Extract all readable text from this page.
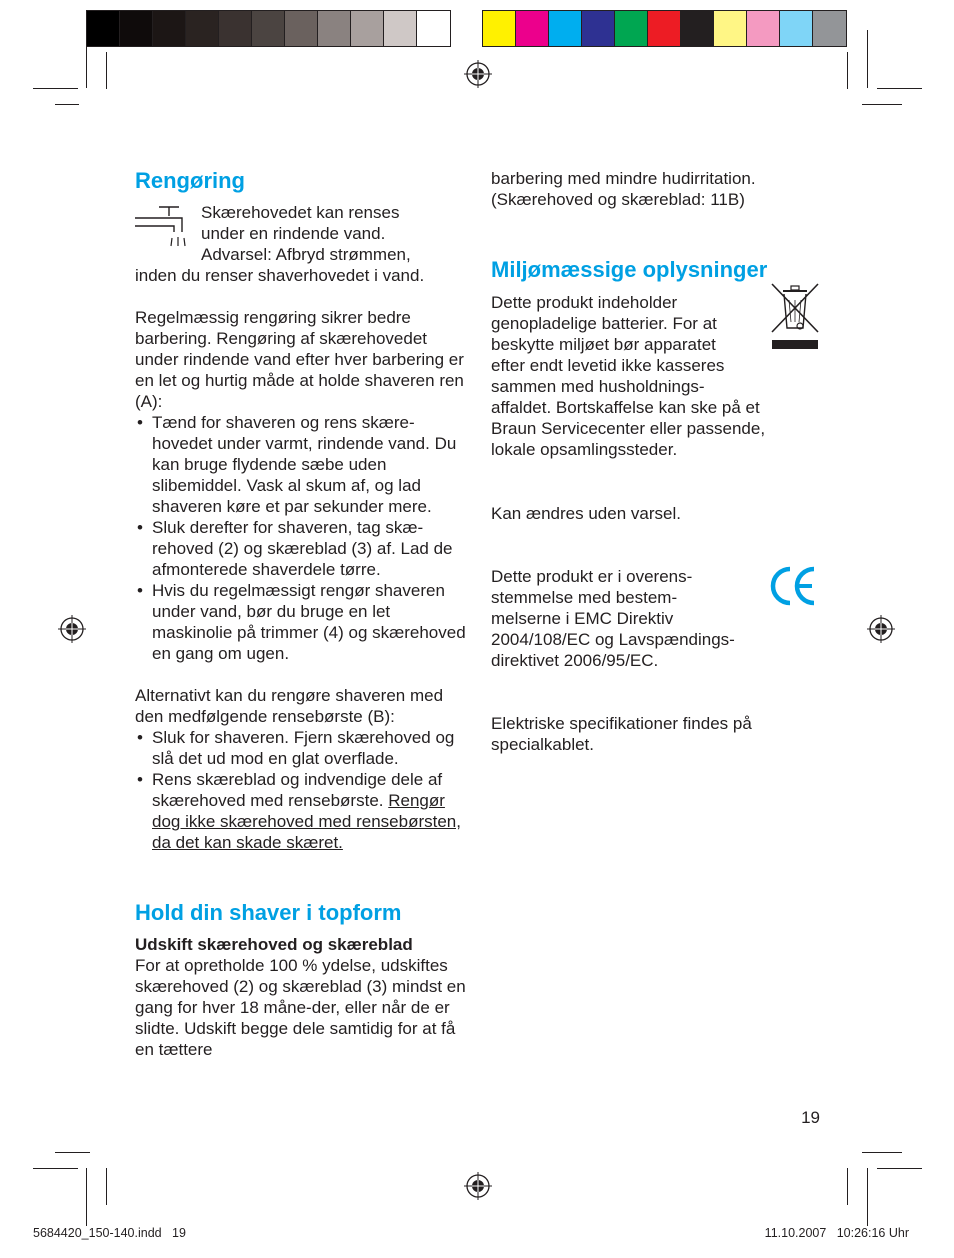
Rengøring

Skærehovedet kan renses

under en rindende vand.

Advarsel: Afbryd strømmen,

inden du renser shaverhovedet i vand.

Regelmæssig rengøring sikrer bedre barbering. Rengøring af skærehovedet under rindende vand efter hver barbering er en let og hurtig måde at holde shaveren ren (A):

• Tænd for shaveren og rens skære-hovedet under varmt, rindende vand. Du kan bruge flydende sæbe uden slibemiddel. Vask al skum af, og lad shaveren køre et par sekunder mere.

• Sluk derefter for shaveren, tag skæ-rehoved (2) og skæreblad (3) af. Lad de afmonterede shaverdele tørre.

• Hvis du regelmæssigt rengør shaveren under vand, bør du bruge en let maskinolie på trimmer (4) og skærehoved en gang om ugen.

Alternativt kan du rengøre shaveren med den medfølgende rensebørste (B):

• Sluk for shaveren. Fjern skærehoved og slå det ud mod en glat overflade.

• Rens skæreblad og indvendige dele af skærehoved med rensebørste. Rengør dog ikke skærehoved med rensebørsten, da det kan skade skæret.
Hold din shaver i topform

Udskift skærehoved og skæreblad

For at opretholde 100 % ydelse, udskiftes skærehoved (2) og skæreblad (3) mindst en gang for hver 18 måne-der, eller når de er slidte. Udskift begge dele samtidig for at få en tættere

barbering med mindre hudirritation. (Skærehoved og skæreblad: 11B)

Miljømæssige oplysninger

Dette produkt indeholder

genopladelige batterier. For at

beskytte miljøet bør apparatet

efter endt levetid ikke kasseres

sammen med husholdnings-

affaldet. Bortskaffelse kan ske på et Braun Servicecenter eller passende, lokale opsamlingssteder.

Kan ændres uden varsel.

Dette produkt er i overens-

stemmelse med bestem-

melserne i EMC Direktiv

2004/108/EC og Lavspændings-

direktivet 2006/95/EC.

Elektriske specifikationer findes på specialkablet.

19
5684420_150-140.indd   19	11.10.2007   10:26:16 Uhr
